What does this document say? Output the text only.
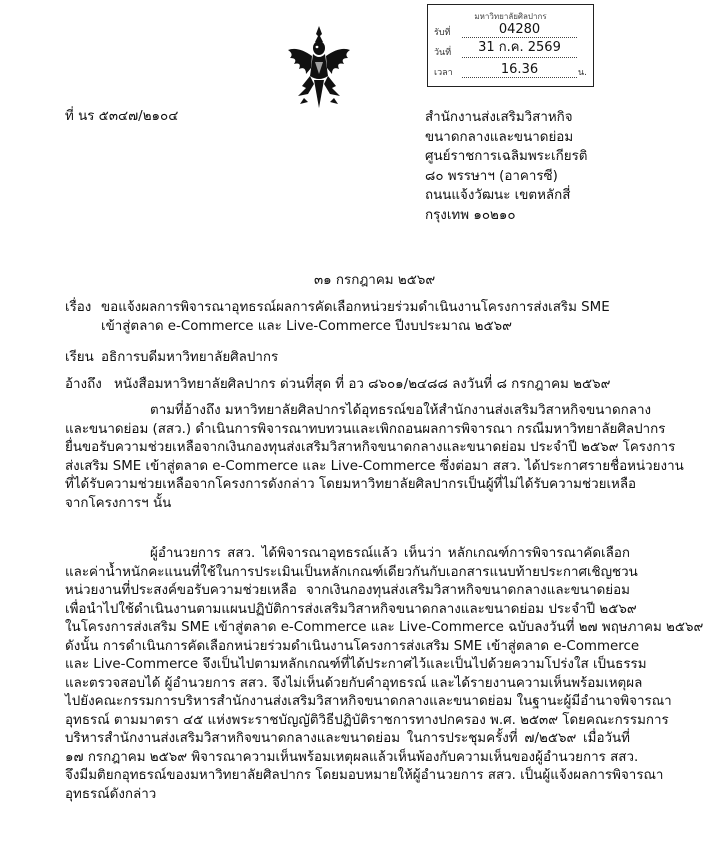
มหาวิทยาลัยศิลปากร
รับที่	04280
วันที่	31 ก.ค. 2569
เวลา	16.36	น.
ที่ นร ๕๓๔๗/๒๑๐๔	สำนักงานส่งเสริมวิสาหกิจ
ขนาดกลางและขนาดย่อม
ศูนย์ราชการเฉลิมพระเกียรติ
๘๐ พรรษาฯ (อาคารซี)
ถนนแจ้งวัฒนะ เขตหลักสี่
กรุงเทพ ๑๐๒๑๐
๓๑ กรกฎาคม ๒๕๖๙
เรื่อง ขอแจ้งผลการพิจารณาอุทธรณ์ผลการคัดเลือกหน่วยร่วมดำเนินงานโครงการส่งเสริม SME
เข้าสู่ตลาด e-Commerce และ Live-Commerce ปีงบประมาณ ๒๕๖๙
เรียน อธิการบดีมหาวิทยาลัยศิลปากร
อ้างถึง หนังสือมหาวิทยาลัยศิลปากร ด่วนที่สุด ที่ อว ๘๖๐๑/๒๔๘๘ ลงวันที่ ๘ กรกฎาคม ๒๕๖๙
ตามที่อ้างถึง มหาวิทยาลัยศิลปากรได้อุทธรณ์ขอให้สำนักงานส่งเสริมวิสาหกิจขนาดกลาง
และขนาดย่อม (สสว.) ดำเนินการพิจารณาทบทวนและเพิกถอนผลการพิจารณา กรณีมหาวิทยาลัยศิลปากร
ยื่นขอรับความช่วยเหลือจากเงินกองทุนส่งเสริมวิสาหกิจขนาดกลางและขนาดย่อม ประจำปี ๒๕๖๙ โครงการ
ส่งเสริม SME เข้าสู่ตลาด e-Commerce และ Live-Commerce ซึ่งต่อมา สสว. ได้ประกาศรายชื่อหน่วยงาน
ที่ได้รับความช่วยเหลือจากโครงการดังกล่าว โดยมหาวิทยาลัยศิลปากรเป็นผู้ที่ไม่ได้รับความช่วยเหลือ
จากโครงการฯ นั้น
ผู้อำนวยการ สสว. ได้พิจารณาอุทธรณ์แล้ว เห็นว่า หลักเกณฑ์การพิจารณาคัดเลือก
และค่าน้ำหนักคะแนนที่ใช้ในการประเมินเป็นหลักเกณฑ์เดียวกันกับเอกสารแนบท้ายประกาศเชิญชวน
หน่วยงานที่ประสงค์ขอรับความช่วยเหลือ จากเงินกองทุนส่งเสริมวิสาหกิจขนาดกลางและขนาดย่อม
เพื่อนำไปใช้ดำเนินงานตามแผนปฏิบัติการส่งเสริมวิสาหกิจขนาดกลางและขนาดย่อม ประจำปี ๒๕๖๙
ในโครงการส่งเสริม SME เข้าสู่ตลาด e-Commerce และ Live-Commerce ฉบับลงวันที่ ๒๗ พฤษภาคม ๒๕๖๙
ดังนั้น การดำเนินการคัดเลือกหน่วยร่วมดำเนินงานโครงการส่งเสริม SME เข้าสู่ตลาด e-Commerce
และ Live-Commerce จึงเป็นไปตามหลักเกณฑ์ที่ได้ประกาศไว้และเป็นไปด้วยความโปร่งใส เป็นธรรม
และตรวจสอบได้ ผู้อำนวยการ สสว. จึงไม่เห็นด้วยกับคำอุทธรณ์ และได้รายงานความเห็นพร้อมเหตุผล
ไปยังคณะกรรมการบริหารสำนักงานส่งเสริมวิสาหกิจขนาดกลางและขนาดย่อม ในฐานะผู้มีอำนาจพิจารณา
อุทธรณ์ ตามมาตรา ๔๕ แห่งพระราชบัญญัติวิธีปฏิบัติราชการทางปกครอง พ.ศ. ๒๕๓๙ โดยคณะกรรมการ
บริหารสำนักงานส่งเสริมวิสาหกิจขนาดกลางและขนาดย่อม ในการประชุมครั้งที่ ๗/๒๕๖๙ เมื่อวันที่
๑๗ กรกฎาคม ๒๕๖๙ พิจารณาความเห็นพร้อมเหตุผลแล้วเห็นพ้องกับความเห็นของผู้อำนวยการ สสว.
จึงมีมติยกอุทธรณ์ของมหาวิทยาลัยศิลปากร โดยมอบหมายให้ผู้อำนวยการ สสว. เป็นผู้แจ้งผลการพิจารณา
อุทธรณ์ดังกล่าว
